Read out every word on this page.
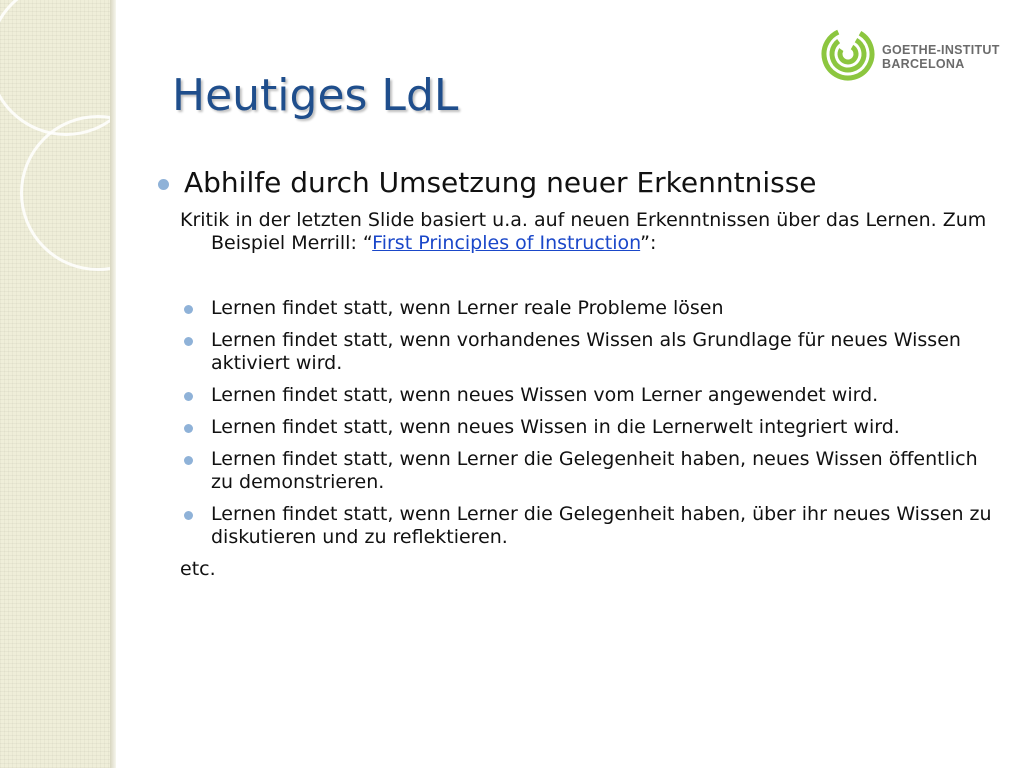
GOETHE-INSTITUT
BARCELONA
Heutiges LdL
Abhilfe durch Umsetzung neuer Erkenntnisse

Kritik in der letzten Slide basiert u.a. auf neuen Erkenntnissen über das Lernen. Zum Beispiel Merrill: “First Principles of Instruction”:

Lernen findet statt, wenn Lerner reale Probleme lösen
Lernen findet statt, wenn vorhandenes Wissen als Grundlage für neues Wissen aktiviert wird.
Lernen findet statt, wenn neues Wissen vom Lerner angewendet wird.
Lernen findet statt, wenn neues Wissen in die Lernerwelt integriert wird.
Lernen findet statt, wenn Lerner die Gelegenheit haben, neues Wissen öffentlich zu demonstrieren.
Lernen findet statt, wenn Lerner die Gelegenheit haben, über ihr neues Wissen zu diskutieren und zu reflektieren.

etc.
